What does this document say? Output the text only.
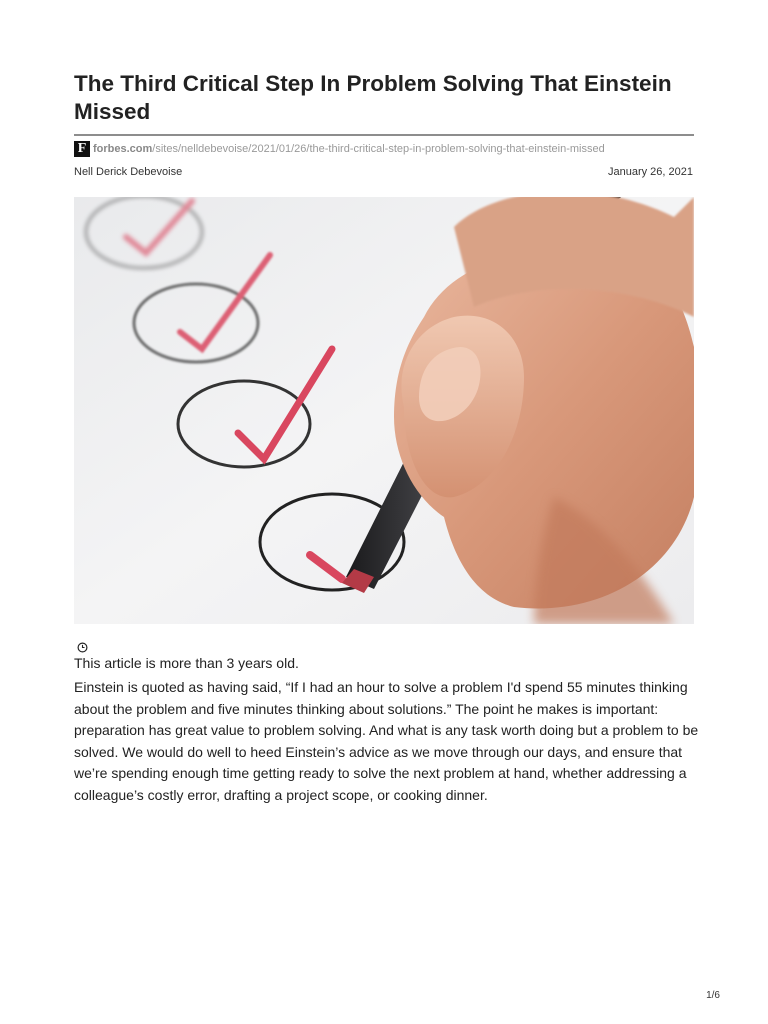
The Third Critical Step In Problem Solving That Einstein Missed
F forbes.com /sites/nelldebevoise/2021/01/26/the-third-critical-step-in-problem-solving-that-einstein-missed
Nell Derick Debevoise	January 26, 2021
This article is more than 3 years old.

Einstein is quoted as having said, “If I had an hour to solve a problem I'd spend 55 minutes thinking about the problem and five minutes thinking about solutions.” The point he makes is important: preparation has great value to problem solving. And what is any task worth doing but a problem to be solved. We would do well to heed Einstein’s advice as we move through our days, and ensure that we’re spending enough time getting ready to solve the next problem at hand, whether addressing a colleague’s costly error, drafting a project scope, or cooking dinner.

1/6
